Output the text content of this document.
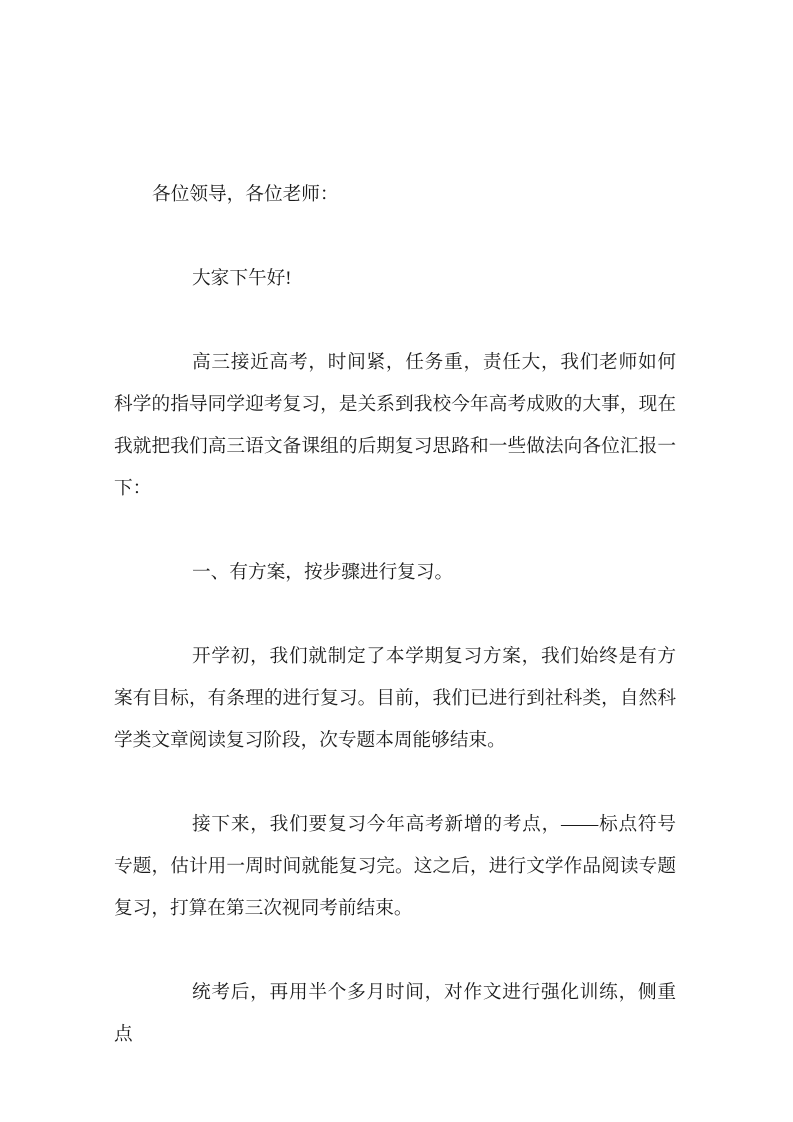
各位领导，各位老师：

大家下午好!

高三接近高考，时间紧，任务重，责任大，我们老师如何科学的指导同学迎考复习，是关系到我校今年高考成败的大事，现在我就把我们高三语文备课组的后期复习思路和一些做法向各位汇报一下：

一、有方案，按步骤进行复习。

开学初，我们就制定了本学期复习方案，我们始终是有方案有目标，有条理的进行复习。目前，我们已进行到社科类，自然科学类文章阅读复习阶段，次专题本周能够结束。

接下来，我们要复习今年高考新增的考点，——标点符号专题，估计用一周时间就能复习完。这之后，进行文学作品阅读专题复习，打算在第三次视同考前结束。

统考后，再用半个多月时间，对作文进行强化训练，侧重点
